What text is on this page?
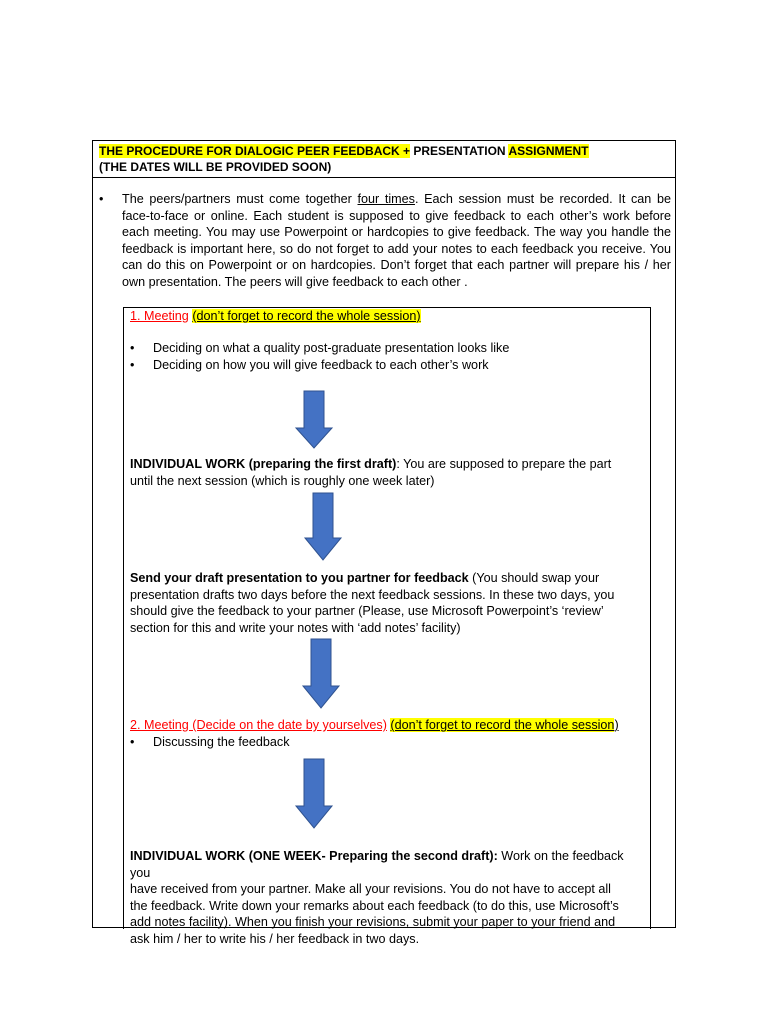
THE PROCEDURE FOR DIALOGIC PEER FEEDBACK + PRESENTATION ASSIGNMENT
(THE DATES WILL BE PROVIDED SOON)
• The peers/partners must come together four times. Each session must be recorded. It can be face-to-face or online. Each student is supposed to give feedback to each other’s work before each meeting. You may use Powerpoint or hardcopies to give feedback. The way you handle the feedback is important here, so do not forget to add your notes to each feedback you receive. You can do this on Powerpoint or on hardcopies. Don’t forget that each partner will prepare his / her own presentation. The peers will give feedback to each other .
1. Meeting (don’t forget to record the whole session)
• Deciding on what a quality post-graduate presentation looks like
• Deciding on how you will give feedback to each other’s work
INDIVIDUAL WORK (preparing the first draft): You are supposed to prepare the part
until the next session (which is roughly one week later)
Send your draft presentation to you partner for feedback (You should swap your
presentation drafts two days before the next feedback sessions. In these two days, you
should give the feedback to your partner (Please, use Microsoft Powerpoint’s ‘review’
section for this and write your notes with ‘add notes’ facility)
2. Meeting (Decide on the date by yourselves) (don’t forget to record the whole session)
• Discussing the feedback
INDIVIDUAL WORK (ONE WEEK- Preparing the second draft): Work on the feedback you
have received from your partner. Make all your revisions. You do not have to accept all
the feedback. Write down your remarks about each feedback (to do this, use Microsoft’s
add notes facility). When you finish your revisions, submit your paper to your friend and
ask him / her to write his / her feedback in two days.
